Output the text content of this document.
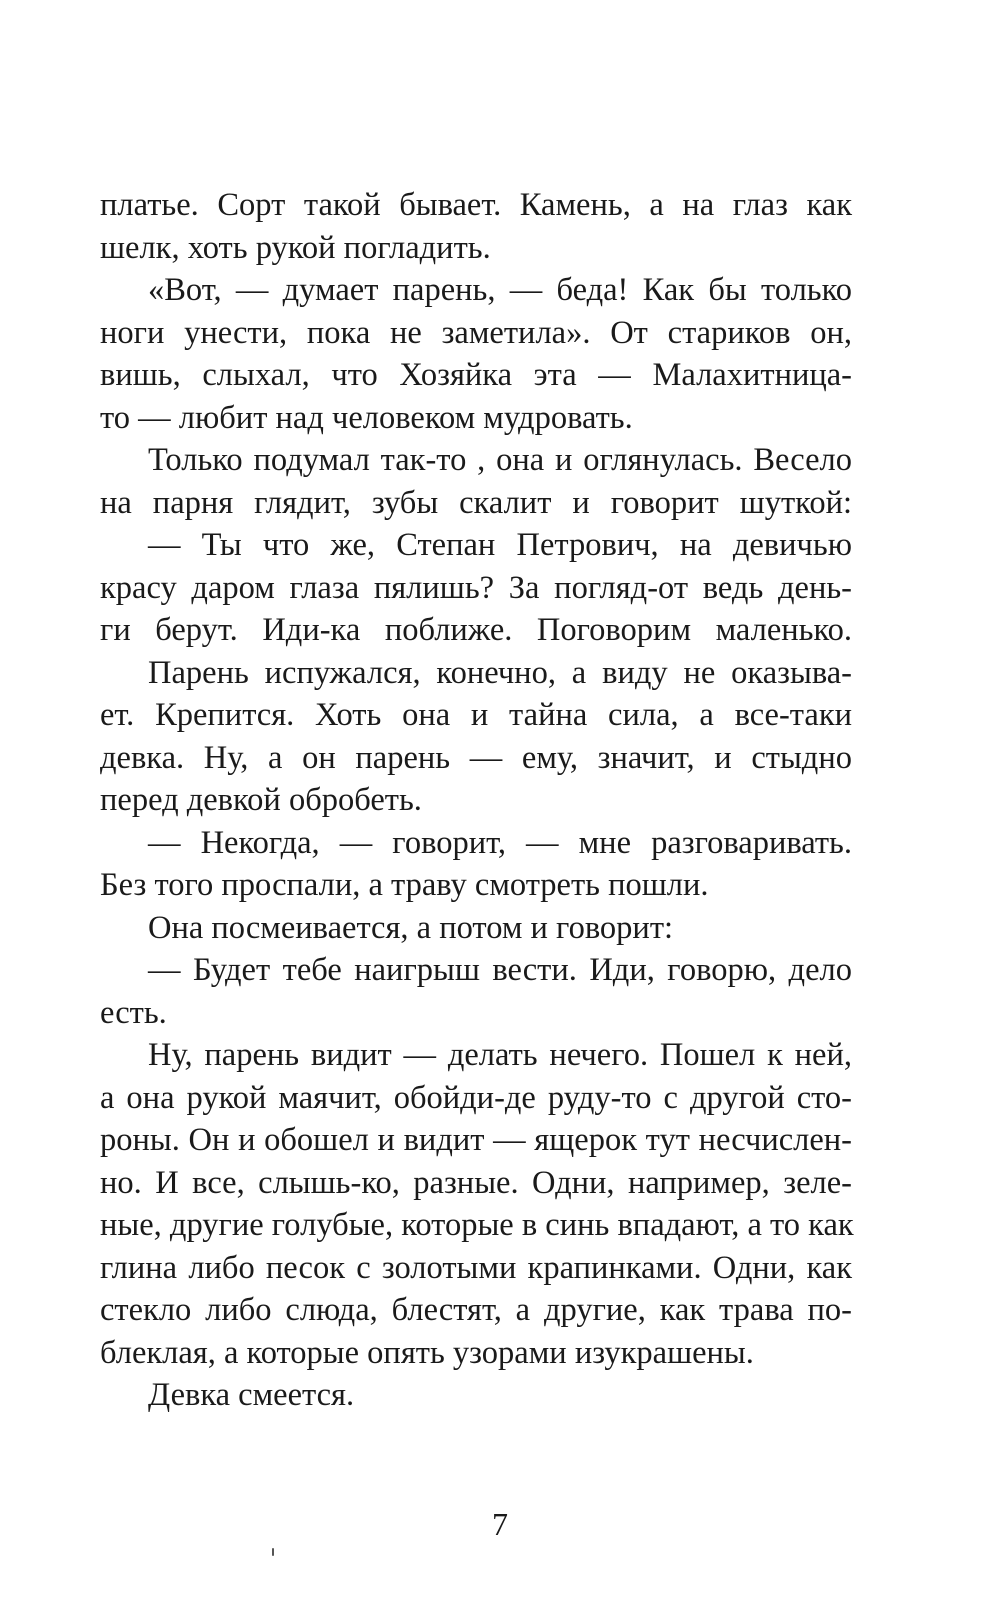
платье. Сорт такой бывает. Камень, а на глаз как
шелк, хоть рукой погладить.
«Вот, — думает парень, — беда! Как бы только
ноги унести, пока не заметила». От стариков он,
вишь, слыхал, что Хозяйка эта — Малахитница-
то — любит над человеком мудровать.
Только подумал так-то , она и оглянулась. Весело
на парня глядит, зубы скалит и говорит шуткой:
— Ты что же, Степан Петрович, на девичью
красу даром глаза пялишь? За погляд-от ведь день-
ги берут. Иди-ка поближе. Поговорим маленько.
Парень испужался, конечно, а виду не оказыва-
ет. Крепится. Хоть она и тайна сила, а все-таки
девка. Ну, а он парень — ему, значит, и стыдно
перед девкой обробеть.
— Некогда, — говорит, — мне разговаривать.
Без того проспали, а траву смотреть пошли.
Она посмеивается, а потом и говорит:
— Будет тебе наигрыш вести. Иди, говорю, дело
есть.
Ну, парень видит — делать нечего. Пошел к ней,
а она рукой маячит, обойди-де руду-то с другой сто-
роны. Он и обошел и видит — ящерок тут несчислен-
но. И все, слышь-ко, разные. Одни, например, зеле-
ные, другие голубые, которые в синь впадают, а то как
глина либо песок с золотыми крапинками. Одни, как
стекло либо слюда, блестят, а другие, как трава по-
блеклая, а которые опять узорами изукрашены.
Девка смеется.
7
